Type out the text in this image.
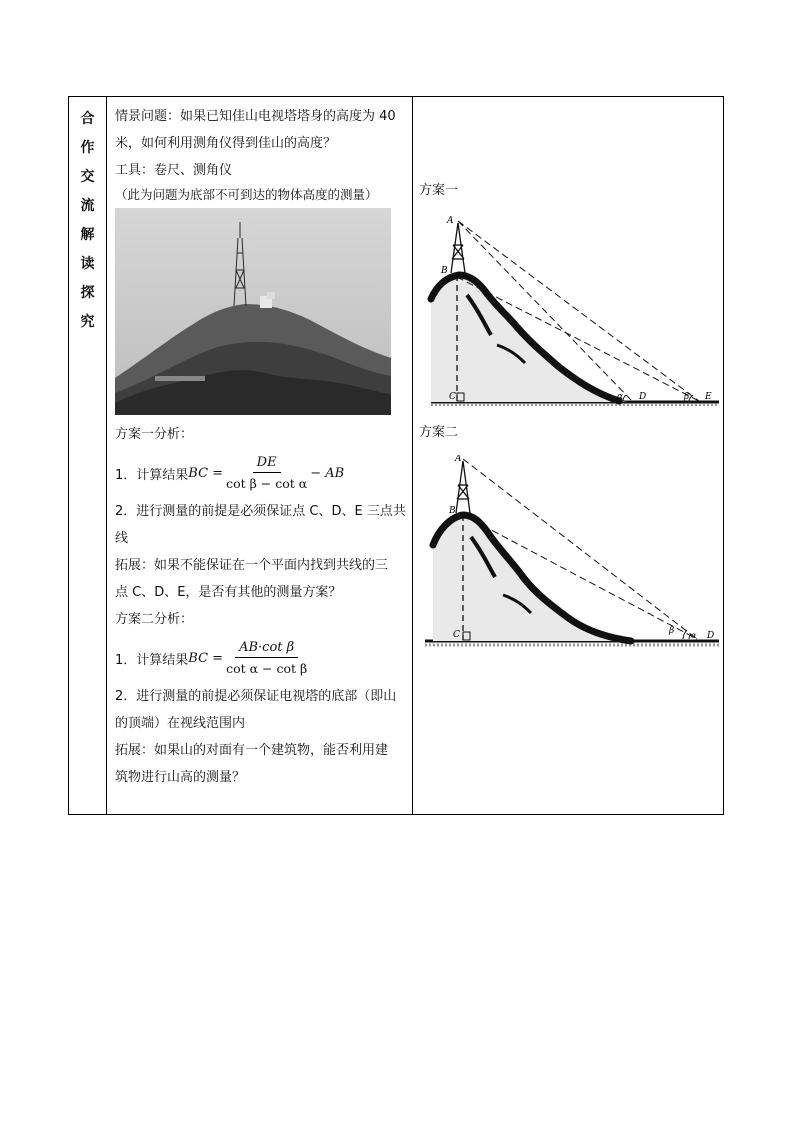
合
作
交
流
解
读
探
究
情景问题：如果已知佳山电视塔塔身的高度为 40
米，如何利用测角仪得到佳山的高度？
工具：卷尺、测角仪
（此为问题为底部不可到达的物体高度的测量）
方案一分析：
1．计算结果 BC = $\frac{DE}{\text{cot β − cot α}}$ − AB
2．进行测量的前提是必须保证点 C、D、E 三点共
线
拓展：如果不能保证在一个平面内找到共线的三
点 C、D、E，是否有其他的测量方案？
方案二分析：
1．计算结果 BC = $\frac{\text{AB·cot β}}{\text{cot α − cot β}}$
2．进行测量的前提必须保证电视塔的底部（即山
的顶端）在视线范围内
拓展：如果山的对面有一个建筑物，能否利用建
筑物进行山高的测量？
方案一
A
B
C	α D	β E
方案二
A
B
C	β α D
